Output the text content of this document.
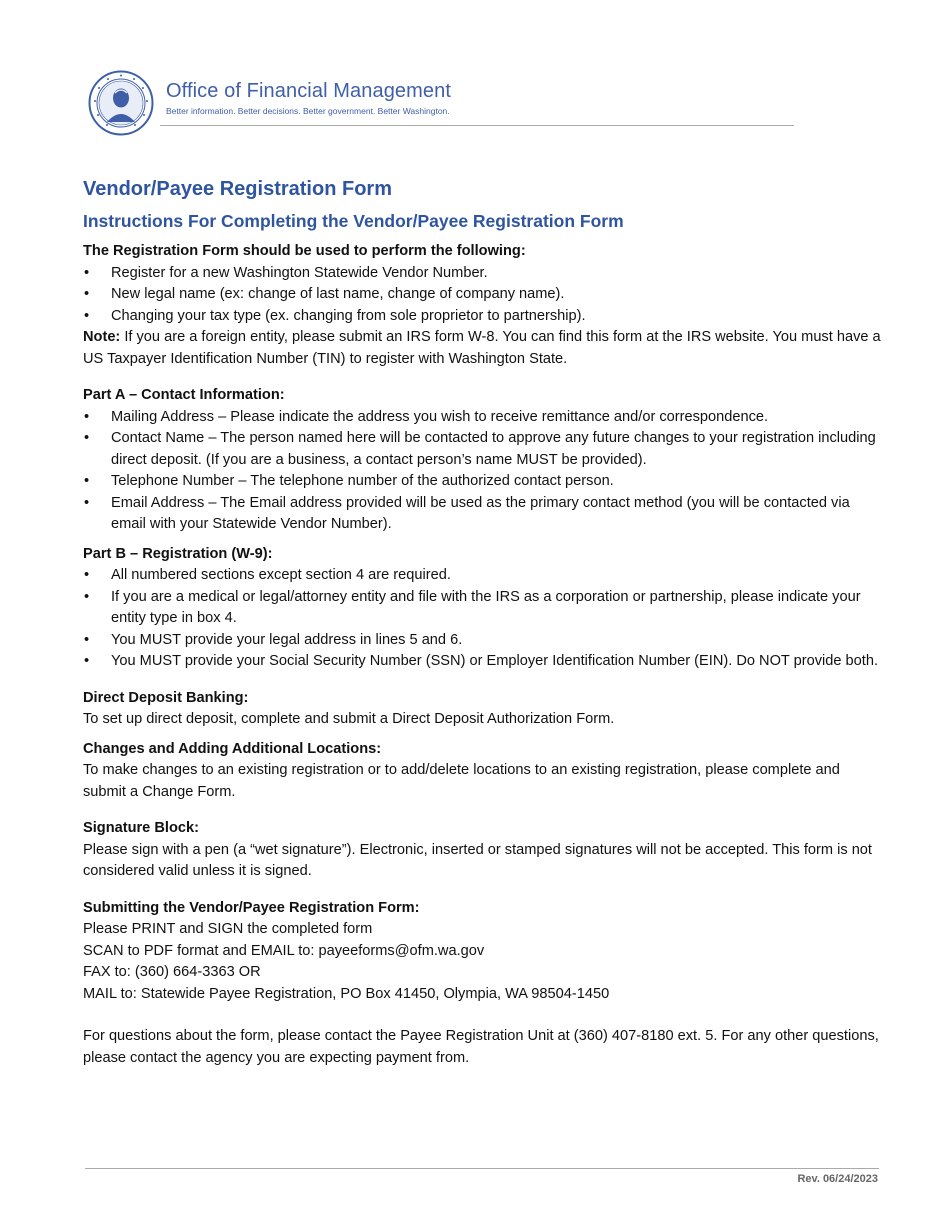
Office of Financial Management
Better information. Better decisions. Better government. Better Washington.
Vendor/Payee Registration Form
Instructions For Completing the Vendor/Payee Registration Form
The Registration Form should be used to perform the following:
• Register for a new Washington Statewide Vendor Number.
• New legal name (ex: change of last name, change of company name).
• Changing your tax type (ex. changing from sole proprietor to partnership).

Note: If you are a foreign entity, please submit an IRS form W-8. You can find this form at the IRS website. You must have a US Taxpayer Identification Number (TIN) to register with Washington State.

Part A – Contact Information:
• Mailing Address – Please indicate the address you wish to receive remittance and/or correspondence.
• Contact Name – The person named here will be contacted to approve any future changes to your registration including direct deposit. (If you are a business, a contact person’s name MUST be provided).
• Telephone Number – The telephone number of the authorized contact person.
• Email Address – The Email address provided will be used as the primary contact method (you will be contacted via email with your Statewide Vendor Number).
Part B – Registration (W-9):
• All numbered sections except section 4 are required.
• If you are a medical or legal/attorney entity and file with the IRS as a corporation or partnership, please indicate your entity type in box 4.
• You MUST provide your legal address in lines 5 and 6.
• You MUST provide your Social Security Number (SSN) or Employer Identification Number (EIN). Do NOT provide both.
Direct Deposit Banking:

To set up direct deposit, complete and submit a Direct Deposit Authorization Form.

Changes and Adding Additional Locations:

To make changes to an existing registration or to add/delete locations to an existing registration, please complete and submit a Change Form.

Signature Block:

Please sign with a pen (a “wet signature”). Electronic, inserted or stamped signatures will not be accepted. This form is not considered valid unless it is signed.

Submitting the Vendor/Payee Registration Form:
Please PRINT and SIGN the completed form
SCAN to PDF format and EMAIL to: payeeforms@ofm.wa.gov
FAX to: (360) 664-3363 OR
MAIL to: Statewide Payee Registration, PO Box 41450, Olympia, WA 98504-1450

For questions about the form, please contact the Payee Registration Unit at (360) 407-8180 ext. 5. For any other questions, please contact the agency you are expecting payment from.

Rev. 06/24/2023
